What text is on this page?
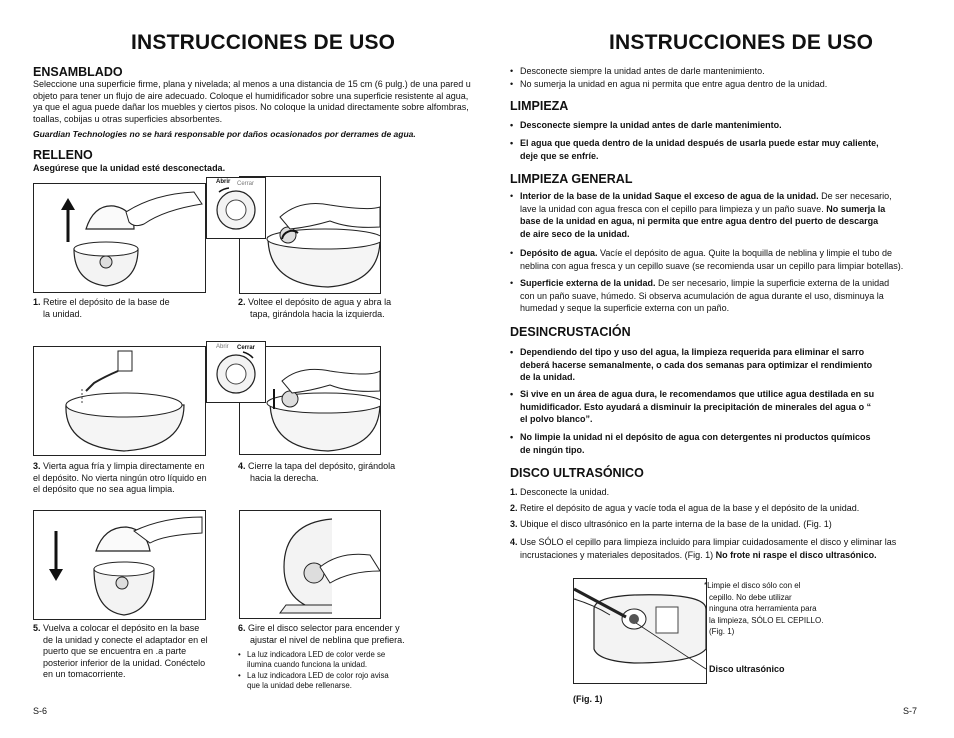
INSTRUCCIONES DE USO
ENSAMBLADO
Seleccione una superficie firme, plana y nivelada; al menos a una distancia de 15 cm (6 pulg.) de una pared u
objeto para tener un flujo de aire adecuado. Coloque el humidificador sobre una superficie resistente al agua,
ya que el agua puede dañar los muebles y ciertos pisos. No coloque la unidad directamente sobre alfombras,
toallas, cobijas u otras superficies absorbentes.
Guardian Technologies no se hará responsable por daños ocasionados por derrames de agua.
RELLENO
Asegúrese que la unidad esté desconectada.
Abrir Cerrar
1. Retire el depósito de la base de
la unidad.
2. Voltee el depósito de agua y abra la
tapa, girándola hacia la izquierda.
Abrir Cerrar
3. Vierta agua fría y limpia directamente en
el depósito. No vierta ningún otro líquido en
el depósito que no sea agua limpia.
4. Cierre la tapa del depósito, girándola
hacia la derecha.
5. Vuelva a colocar el depósito en la base
de la unidad y conecte el adaptador en el
puerto que se encuentra en .a parte
posterior inferior de la unidad. Conéctelo
en un tomacorriente.
6. Gire el disco selector para encender y
ajustar el nivel de neblina que prefiera.
• La luz indicadora LED de color verde se
ilumina cuando funciona la unidad.
• La luz indicadora LED de color rojo avisa
que la unidad debe rellenarse.
S-6
INSTRUCCIONES DE USO
• Desconecte siempre la unidad antes de darle mantenimiento.
• No sumerja la unidad en agua ni permita que entre agua dentro de la unidad.
LIMPIEZA
• Desconecte siempre la unidad antes de darle mantenimiento.
• El agua que queda dentro de la unidad después de usarla puede estar muy caliente,
deje que se enfríe.
LIMPIEZA GENERAL
• Interior de la base de la unidad Saque el exceso de agua de la unidad. De ser necesario,
lave la unidad con agua fresca con el cepillo para limpieza y un paño suave. No sumerja la
base de la unidad en agua, ni permita que entre agua dentro del puerto de descarga
de aire seco de la unidad.
• Depósito de agua. Vacíe el depósito de agua. Quite la boquilla de neblina y limpie el tubo de
neblina con agua fresca y un cepillo suave (se recomienda usar un cepillo para limpiar botellas).
• Superficie externa de la unidad. De ser necesario, limpie la superficie externa de la unidad
con un paño suave, húmedo. Si observa acumulación de agua durante el uso, disminuya la
humedad y seque la superficie externa con un paño.
DESINCRUSTACIÓN
• Dependiendo del tipo y uso del agua, la limpieza requerida para eliminar el sarro
deberá hacerse semanalmente, o cada dos semanas para optimizar el rendimiento
de la unidad.
• Si vive en un área de agua dura, le recomendamos que utilice agua destilada en su
humidificador. Esto ayudará a disminuir la precipitación de minerales del agua o “
el polvo blanco”.
• No limpie la unidad ni el depósito de agua con detergentes ni productos químicos
de ningún tipo.
DISCO ULTRASÓNICO
1. Desconecte la unidad.
2. Retire el depósito de agua y vacíe toda el agua de la base y el depósito de la unidad.
3. Ubique el disco ultrasónico en la parte interna de la base de la unidad. (Fig. 1)
4. Use SÓLO el cepillo para limpieza incluido para limpiar cuidadosamente el disco y eliminar las
incrustaciones y materiales depositados. (Fig. 1) No frote ni raspe el disco ultrasónico.
*Limpie el disco sólo con el
cepillo. No debe utilizar
ninguna otra herramienta para
la limpieza, SÓLO EL CEPILLO.
(Fig. 1)
Disco ultrasónico
(Fig. 1)
S-7
